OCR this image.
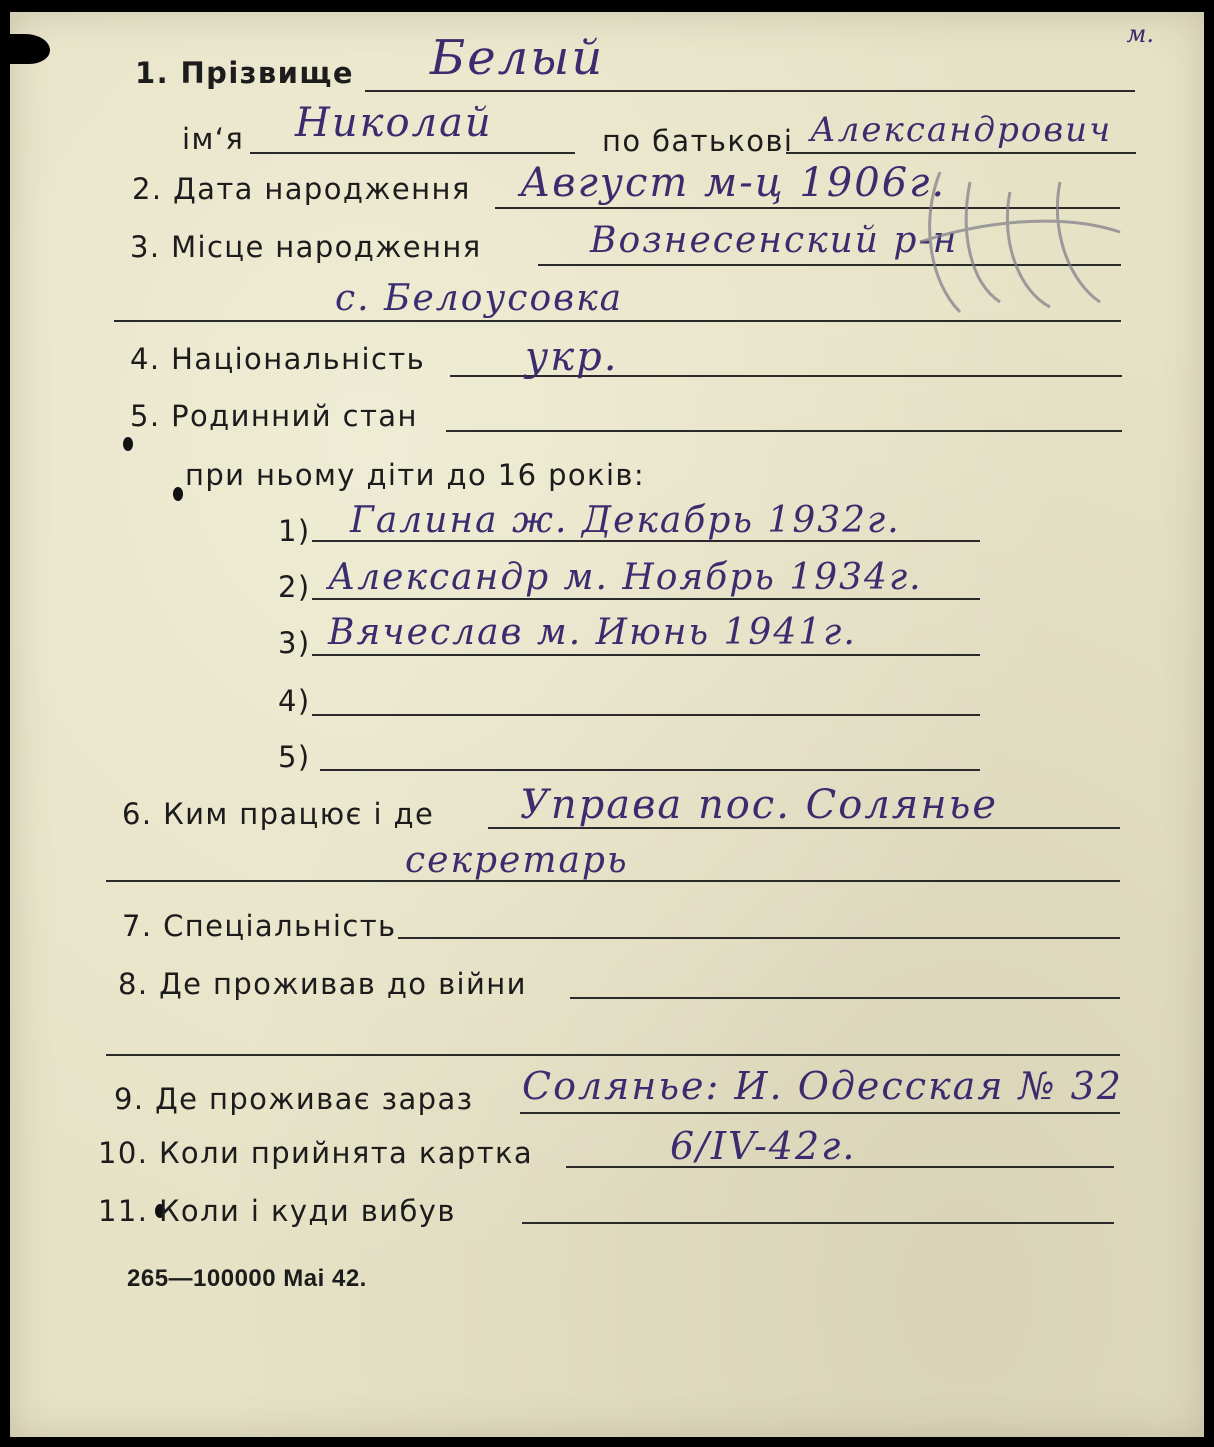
м.
1. Прізвище Белый
ім‘я Николай	по батькові Александрович
2. Дата народження Август м-ц 1906г.
3. Місце народження	Вознесенский р-н
с. Белоусовка
4. Національність укр.
5. Родинний стан
при ньому діти до 16 років:
1) Галина ж. Декабрь 1932г.
2) Александр м. Ноябрь 1934г.
3) Вячеслав м. Июнь 1941г.
4)
5)
6. Ким працює і де Управа пос. Солянье
секретарь
7. Спеціальність
8. Де проживав до війни
9. Де проживає зараз Солянье: И. Одесская № 32
10. Коли прийнята картка	6/IV-42г.
11. Коли і куди вибув
265—100000 Mai 42.
